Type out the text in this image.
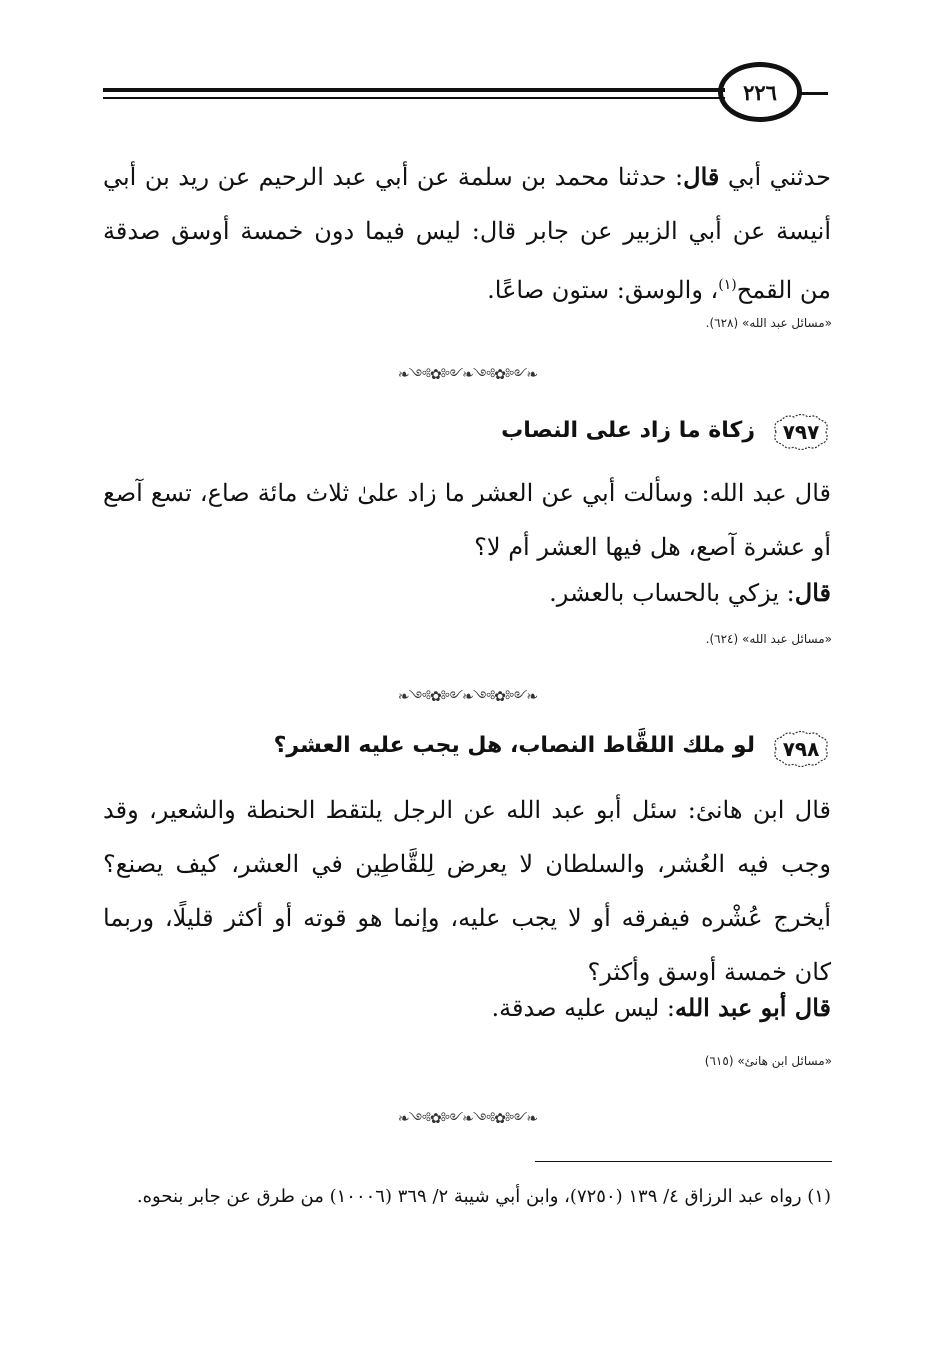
٢٢٦
حدثني أبي قال: حدثنا محمد بن سلمة عن أبي عبد الرحيم عن ريد بن أبي أنيسة عن أبي الزبير عن جابر قال: ليس فيما دون خمسة أوسق صدقة من القمح$^{(١)}$، والوسق: ستون صاعًا.
«مسائل عبد الله» (٦٢٨).
❧༺✿༻❧༺✿༻❧
٧٩٧
زكاة ما زاد على النصاب
قال عبد الله: وسألت أبي عن العشر ما زاد علىٰ ثلاث مائة صاع، تسع آصع أو عشرة آصع، هل فيها العشر أم لا؟
قال: يزكي بالحساب بالعشر.
«مسائل عبد الله» (٦٢٤).
❧༺✿༻❧༺✿༻❧
٧٩٨
لو ملك اللقَّاط النصاب، هل يجب عليه العشر؟
قال ابن هانئ: سئل أبو عبد الله عن الرجل يلتقط الحنطة والشعير، وقد وجب فيه العُشر، والسلطان لا يعرض لِلقَّاطِين في العشر، كيف يصنع؟ أيخرج عُشْره فيفرقه أو لا يجب عليه، وإنما هو قوته أو أكثر قليلًا، وربما كان خمسة أوسق وأكثر؟
قال أبو عبد الله: ليس عليه صدقة.
«مسائل ابن هانئ» (٦١٥)
❧༺✿༻❧༺✿༻❧
(١) رواه عبد الرزاق ٤/ ١٣٩ (٧٢٥٠)، وابن أبي شيبة ٢/ ٣٦٩ (١٠٠٠٦) من طرق عن جابر بنحوه.
